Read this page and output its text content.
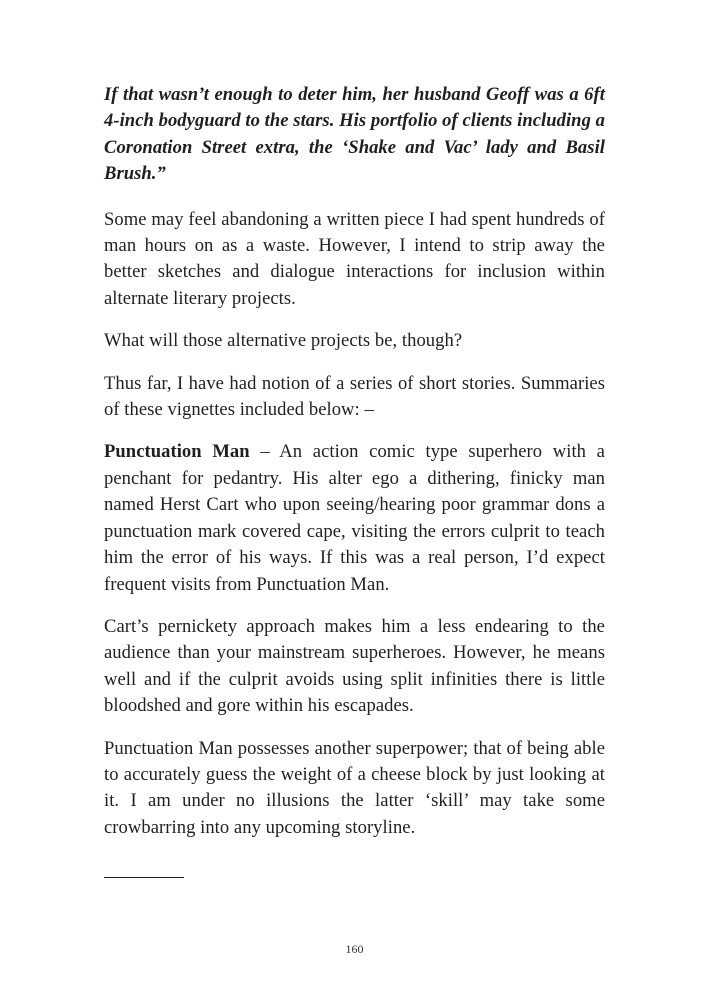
If that wasn’t enough to deter him, her husband Geoff was a 6ft 4-inch bodyguard to the stars. His portfolio of clients including a Coronation Street extra, the ‘Shake and Vac’ lady and Basil Brush.”

Some may feel abandoning a written piece I had spent hundreds of man hours on as a waste. However, I intend to strip away the better sketches and dialogue interactions for inclusion within alternate literary projects.

What will those alternative projects be, though?

Thus far, I have had notion of a series of short stories. Summaries of these vignettes included below: –

Punctuation Man – An action comic type superhero with a penchant for pedantry. His alter ego a dithering, finicky man named Herst Cart who upon seeing/hearing poor grammar dons a punctuation mark covered cape, visiting the errors culprit to teach him the error of his ways. If this was a real person, I’d expect frequent visits from Punctuation Man.

Cart’s pernickety approach makes him a less endearing to the audience than your mainstream superheroes. However, he means well and if the culprit avoids using split infinities there is little bloodshed and gore within his escapades.

Punctuation Man possesses another superpower; that of being able to accurately guess the weight of a cheese block by just looking at it. I am under no illusions the latter ‘skill’ may take some crowbarring into any upcoming storyline.

160
